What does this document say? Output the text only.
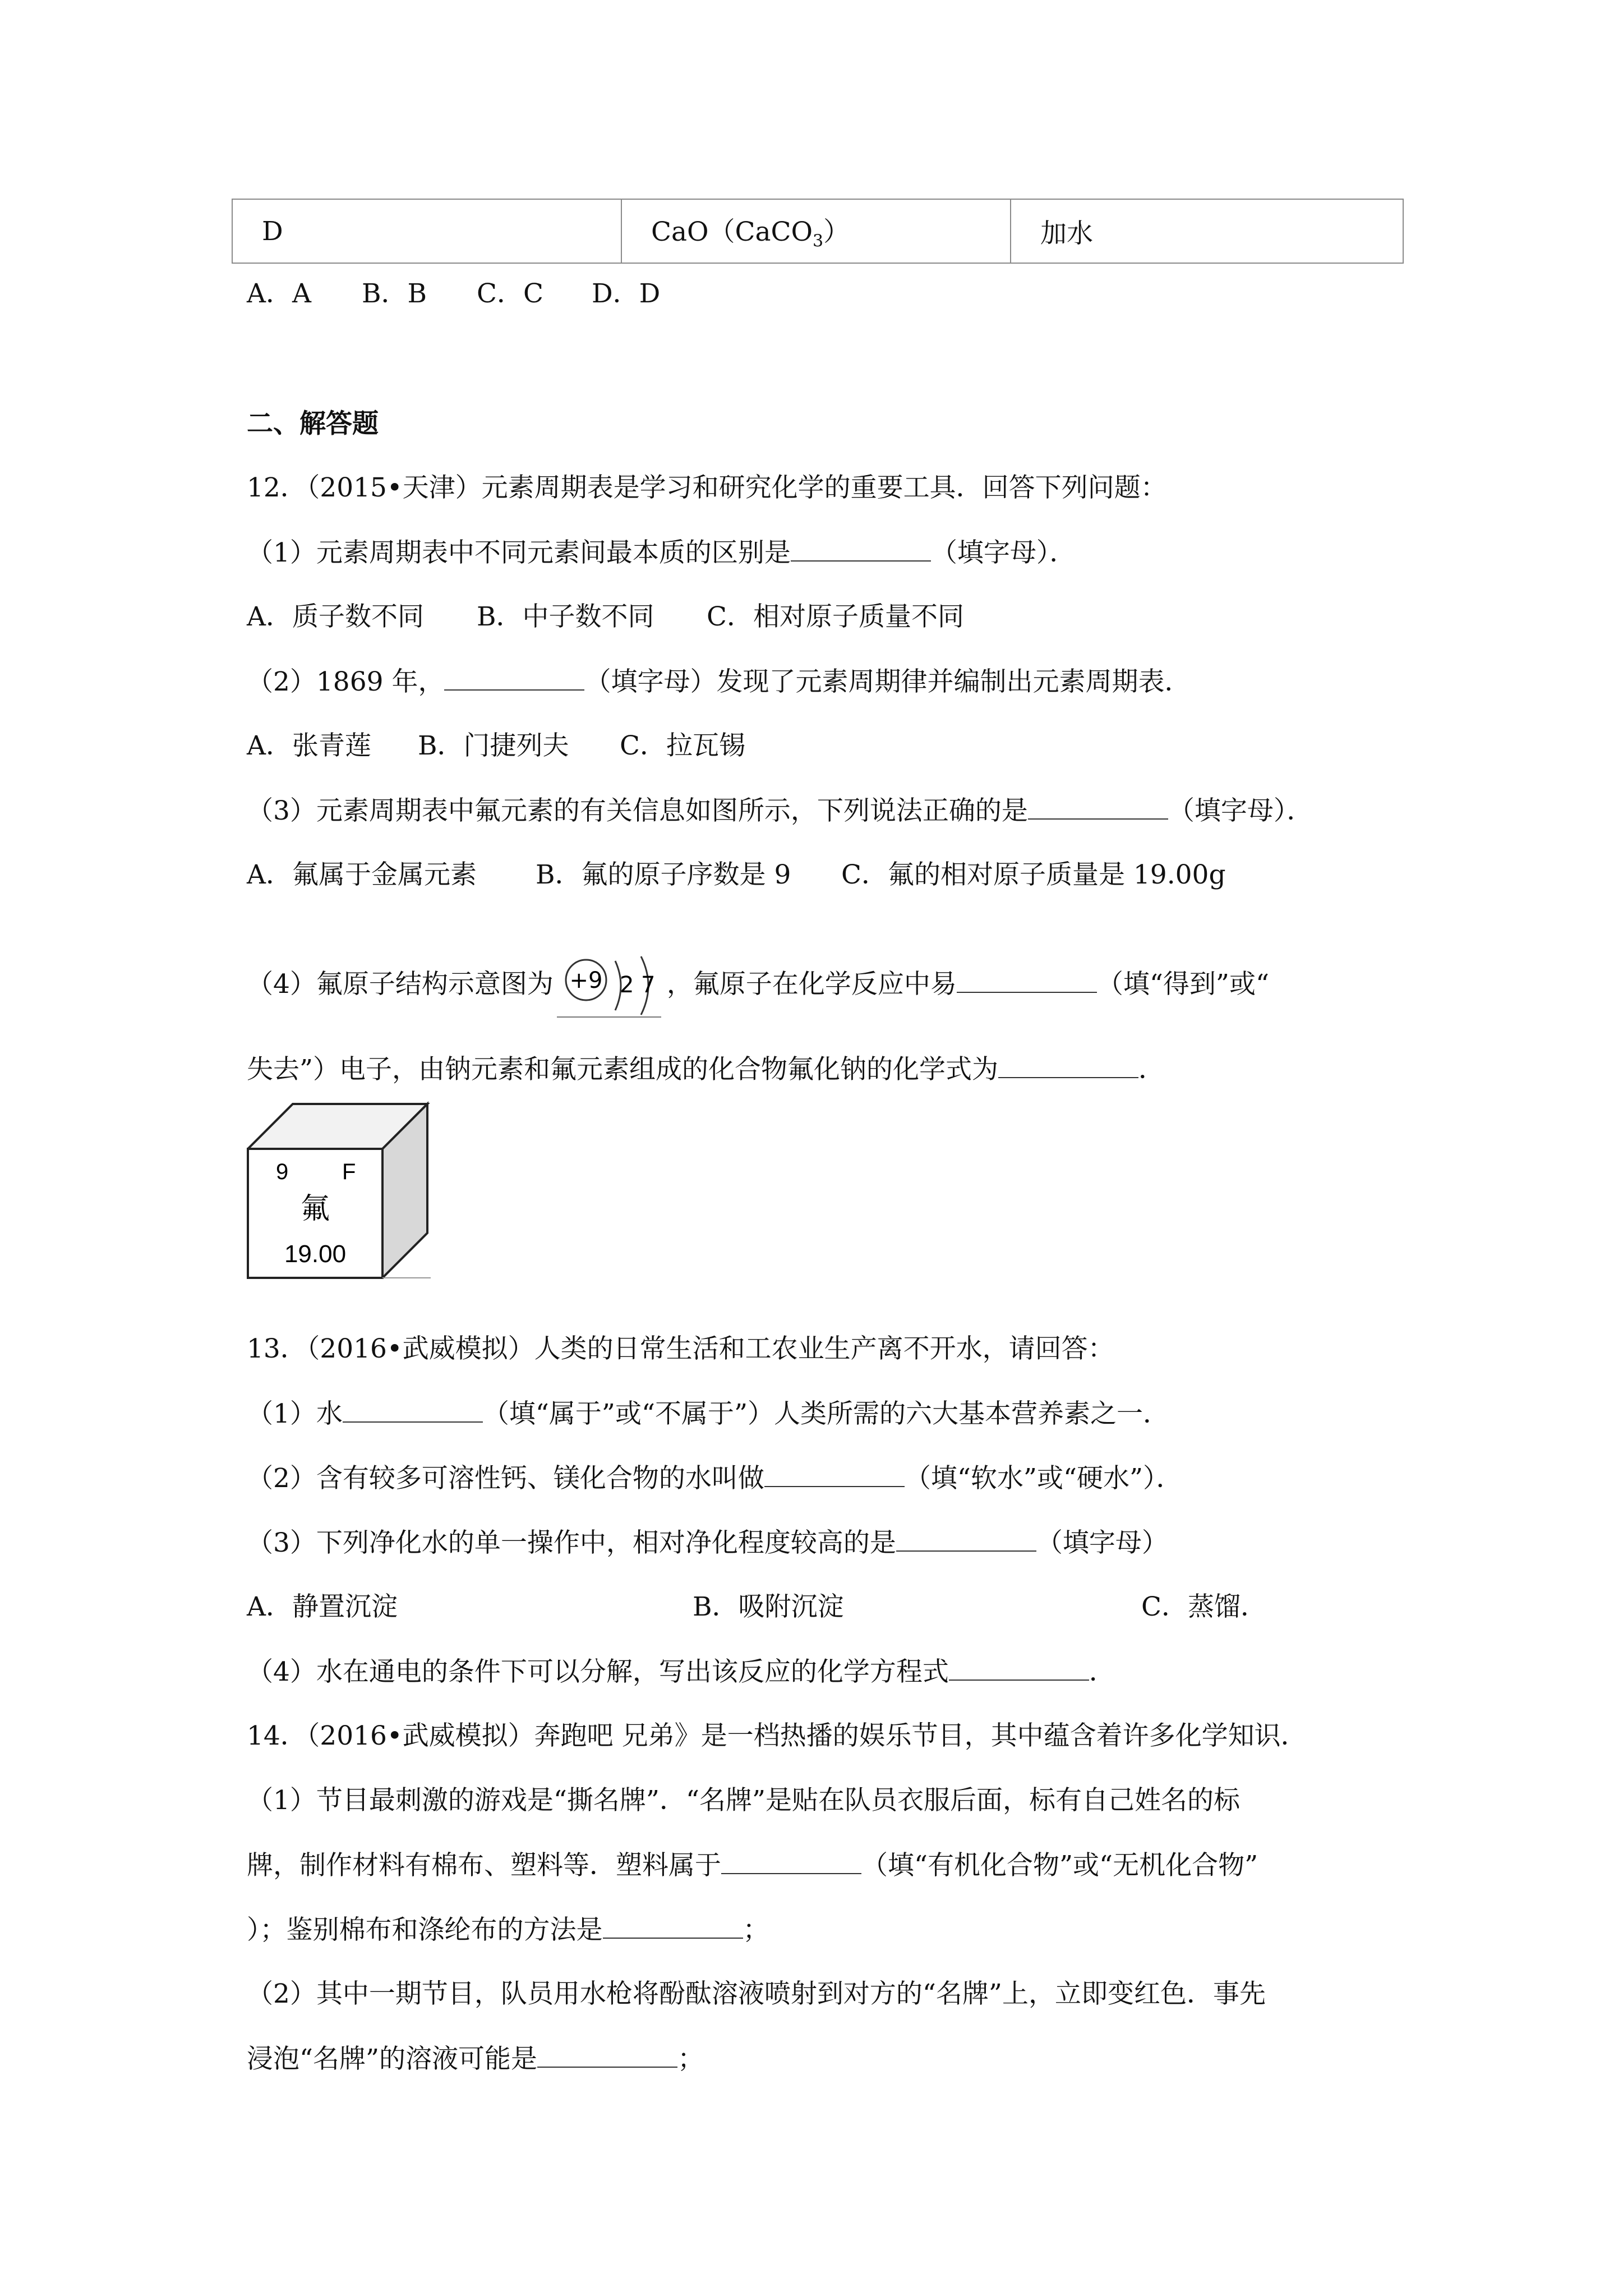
D	CaO（CaCO$_3$）	加水
A．A B．B C．C D．D
二、解答题
12．（2015•天津）元素周期表是学习和研究化学的重要工具．回答下列问题：
（1）元素周期表中不同元素间最本质的区别是	（填字母）．
A．质子数不同 B．中子数不同 C．相对原子质量不同
（2）1869 年，	（填字母）发现了元素周期律并编制出元素周期表．
A．张青莲 B．门捷列夫 C．拉瓦锡
（3）元素周期表中氟元素的有关信息如图所示，下列说法正确的是	（填字母）．
A．氟属于金属元素 B．氟的原子序数是 9 C．氟的相对原子质量是 19.00g
（4）氟原子结构示意图为 +9 2 7 ，氟原子在化学反应中易	（填“得到”或“
失去”）电子，由钠元素和氟元素组成的化合物氟化钠的化学式为	．
9 F
氟
19.00
13．（2016•武威模拟）人类的日常生活和工农业生产离不开水，请回答：
（1）水	（填“属于”或“不属于”）人类所需的六大基本营养素之一．
（2）含有较多可溶性钙、镁化合物的水叫做	（填“软水”或“硬水”）．
（3）下列净化水的单一操作中，相对净化程度较高的是	（填字母）
A．静置沉淀	B．吸附沉淀	C．蒸馏．
（4）水在通电的条件下可以分解，写出该反应的化学方程式	．
14．（2016•武威模拟）奔跑吧 兄弟》是一档热播的娱乐节目，其中蕴含着许多化学知识．
（1）节目最刺激的游戏是“撕名牌”．“名牌”是贴在队员衣服后面，标有自己姓名的标
牌，制作材料有棉布、塑料等．塑料属于	（填“有机化合物”或“无机化合物”
）；鉴别棉布和涤纶布的方法是	；
（2）其中一期节目，队员用水枪将酚酞溶液喷射到对方的“名牌”上，立即变红色．事先
浸泡“名牌”的溶液可能是	；
